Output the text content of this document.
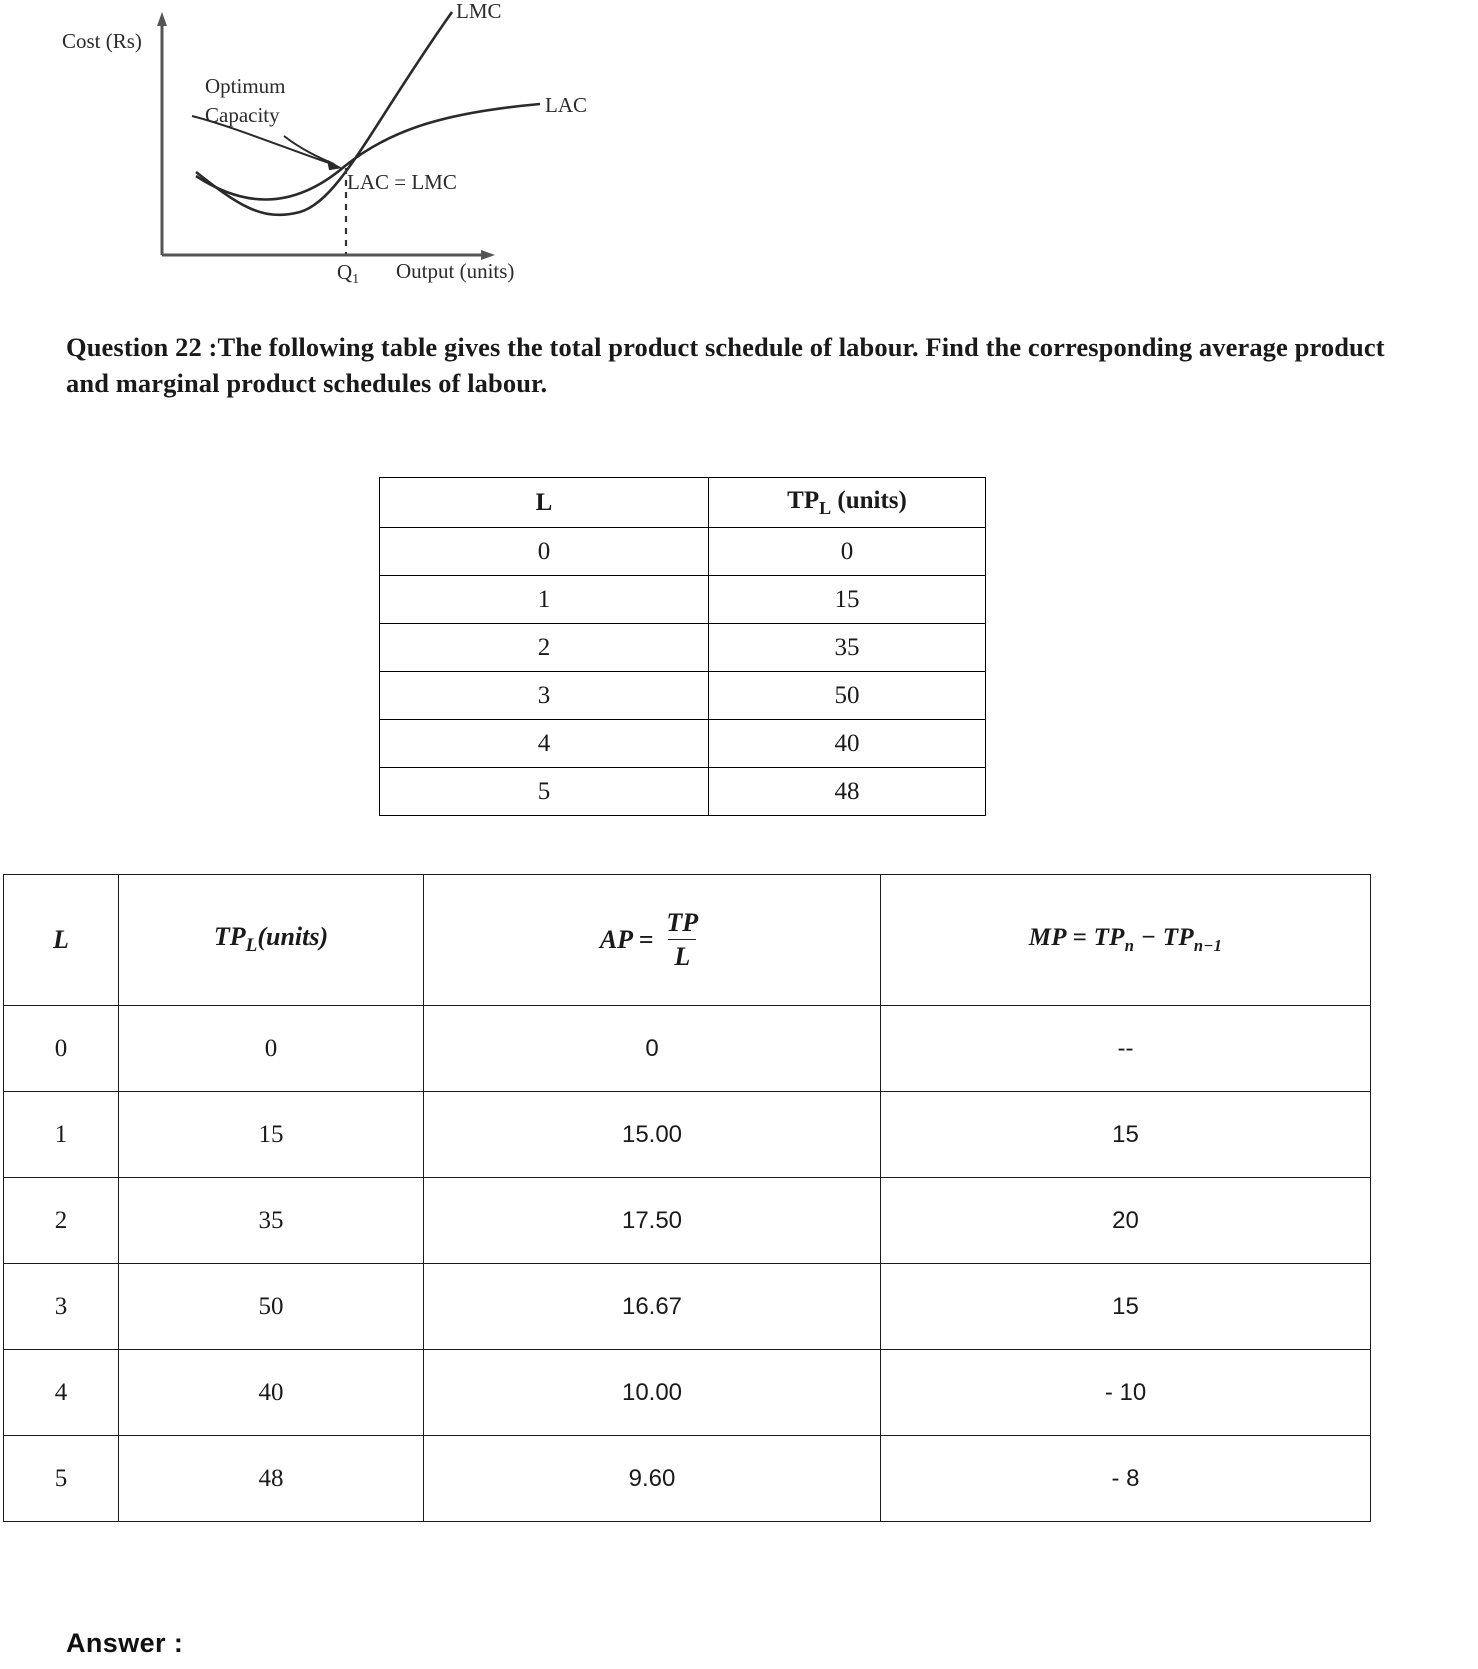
Cost (Rs)
Output (units)
LMC
LAC
LAC = LMC
Optimum
Capacity
Q1
Question 22 :The following table gives the total product schedule of labour. Find the corresponding average product and marginal product schedules of labour.
L	$TP_L$ (units)
0	0
1	15
2	35
3	50
4	40
5	48
L	$TP_L(units)$	AP = $\frac{TP}{L}$	MP = $TP_n - TP_{n-1}$
0	0	0	--
1	15	15.00	15
2	35	17.50	20
3	50	16.67	15
4	40	10.00	- 10
5	48	9.60	- 8
Answer :
